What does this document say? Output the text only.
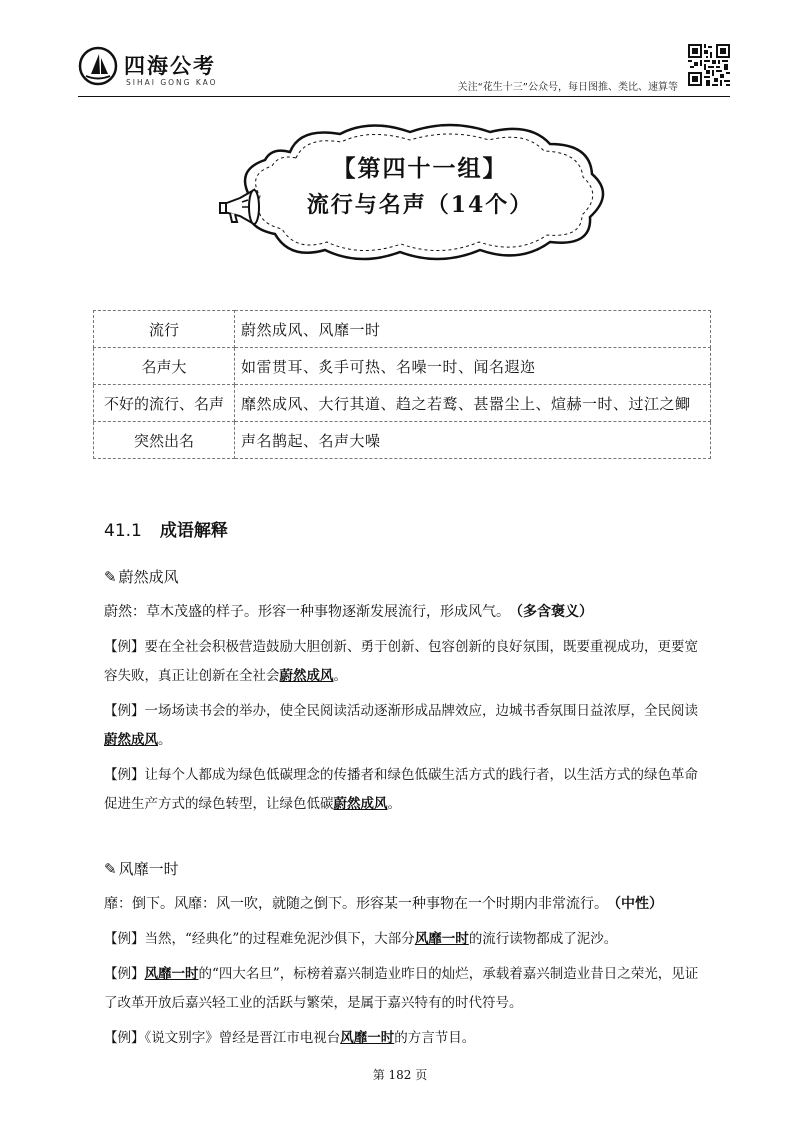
四海公考
SIHAI GONG KAO	关注“花生十三”公众号，每日图推、类比、速算等
【第四十一组】
流行与名声（14个）
流行	蔚然成风、风靡一时
名声大	如雷贯耳、炙手可热、名噪一时、闻名遐迩
不好的流行、名声	靡然成风、大行其道、趋之若鹜、甚嚣尘上、煊赫一时、过江之鲫
突然出名	声名鹊起、名声大噪
41.1 成语解释
✎ 蔚然成风
蔚然：草木茂盛的样子。形容一种事物逐渐发展流行，形成风气。 （多含褒义）
【例】要在全社会积极营造鼓励大胆创新、勇于创新、包容创新的良好氛围，既要重视成功，更要宽容失败，真正让创新在全社会蔚然成风。
【例】一场场读书会的举办，使全民阅读活动逐渐形成品牌效应，边城书香氛围日益浓厚，全民阅读蔚然成风。
【例】让每个人都成为绿色低碳理念的传播者和绿色低碳生活方式的践行者，以生活方式的绿色革命促进生产方式的绿色转型，让绿色低碳蔚然成风。
✎ 风靡一时
靡：倒下。风靡：风一吹，就随之倒下。形容某一种事物在一个时期内非常流行。 （中性）
【例】当然，“经典化”的过程难免泥沙俱下，大部分风靡一时的流行读物都成了泥沙。
【例】风靡一时的“四大名旦”，标榜着嘉兴制造业昨日的灿烂，承载着嘉兴制造业昔日之荣光，见证了改革开放后嘉兴轻工业的活跃与繁荣，是属于嘉兴特有的时代符号。
【例】《说文别字》曾经是晋江市电视台风靡一时的方言节目。
第 182 页
